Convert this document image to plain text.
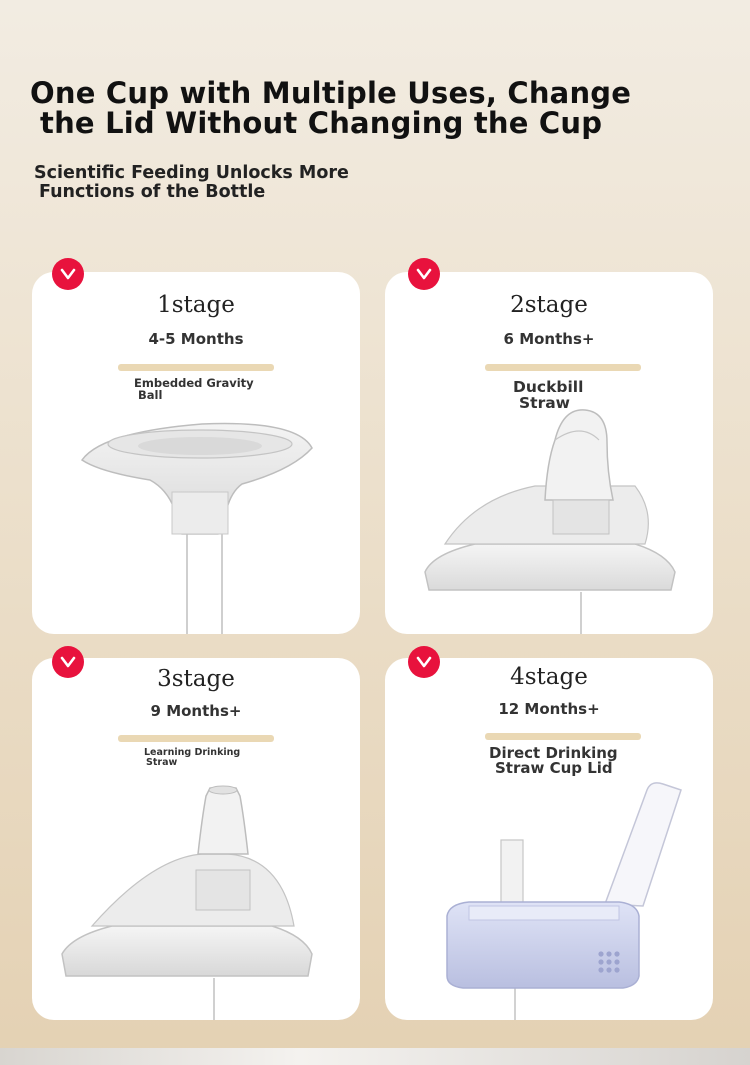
One Cup with Multiple Uses, Change
the Lid Without Changing the Cup
Scientific Feeding Unlocks More
Functions of the Bottle
1stage
4-5 Months
Embedded Gravity
Ball
2stage
6 Months+
Duckbill
Straw
3stage
9 Months+
Learning Drinking
Straw
4stage
12 Months+
Direct Drinking
Straw Cup Lid
